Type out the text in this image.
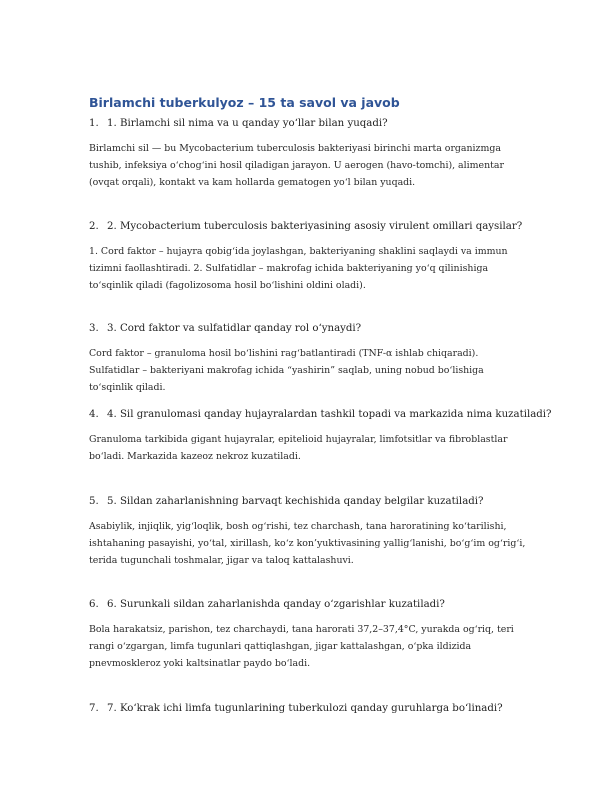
Birlamchi tuberkulyoz – 15 ta savol va javob
1. 1. Birlamchi sil nima va u qanday yo‘llar bilan yuqadi?
Birlamchi sil — bu Mycobacterium tuberculosis bakteriyasi birinchi marta organizmga tushib, infeksiya o‘chog‘ini hosil qiladigan jarayon. U aerogen (havo-tomchi), alimentar (ovqat orqali), kontakt va kam hollarda gematogen yo‘l bilan yuqadi.
2. 2. Mycobacterium tuberculosis bakteriyasining asosiy virulent omillari qaysilar?
1. Cord faktor – hujayra qobig‘ida joylashgan, bakteriyaning shaklini saqlaydi va immun tizimni faollashtiradi. 2. Sulfatidlar – makrofag ichida bakteriyaning yo‘q qilinishiga to‘sqinlik qiladi (fagolizosoma hosil bo‘lishini oldini oladi).
3. 3. Cord faktor va sulfatidlar qanday rol o‘ynaydi?
Cord faktor – granuloma hosil bo‘lishini rag‘batlantiradi (TNF-α ishlab chiqaradi). Sulfatidlar – bakteriyani makrofag ichida “yashirin” saqlab, uning nobud bo‘lishiga to‘sqinlik qiladi.
4. 4. Sil granulomasi qanday hujayralardan tashkil topadi va markazida nima kuzatiladi?
Granuloma tarkibida gigant hujayralar, epitelioid hujayralar, limfotsitlar va fibroblastlar bo‘ladi. Markazida kazeoz nekroz kuzatiladi.
5. 5. Sildan zaharlanishning barvaqt kechishida qanday belgilar kuzatiladi?
Asabiylik, injiqlik, yig‘loqlik, bosh og‘rishi, tez charchash, tana haroratining ko‘tarilishi, ishtahaning pasayishi, yo‘tal, xirillash, ko‘z kon’yuktivasining yallig‘lanishi, bo‘g‘im og‘rig‘i, terida tugunchali toshmalar, jigar va taloq kattalashuvi.
6. 6. Surunkali sildan zaharlanishda qanday o‘zgarishlar kuzatiladi?
Bola harakatsiz, parishon, tez charchaydi, tana harorati 37,2–37,4°C, yurakda og‘riq, teri rangi o‘zgargan, limfa tugunlari qattiqlashgan, jigar kattalashgan, o‘pka ildizida pnevmoskleroz yoki kaltsinatlar paydo bo‘ladi.
7. 7. Ko‘krak ichi limfa tugunlarining tuberkulozi qanday guruhlarga bo‘linadi?
